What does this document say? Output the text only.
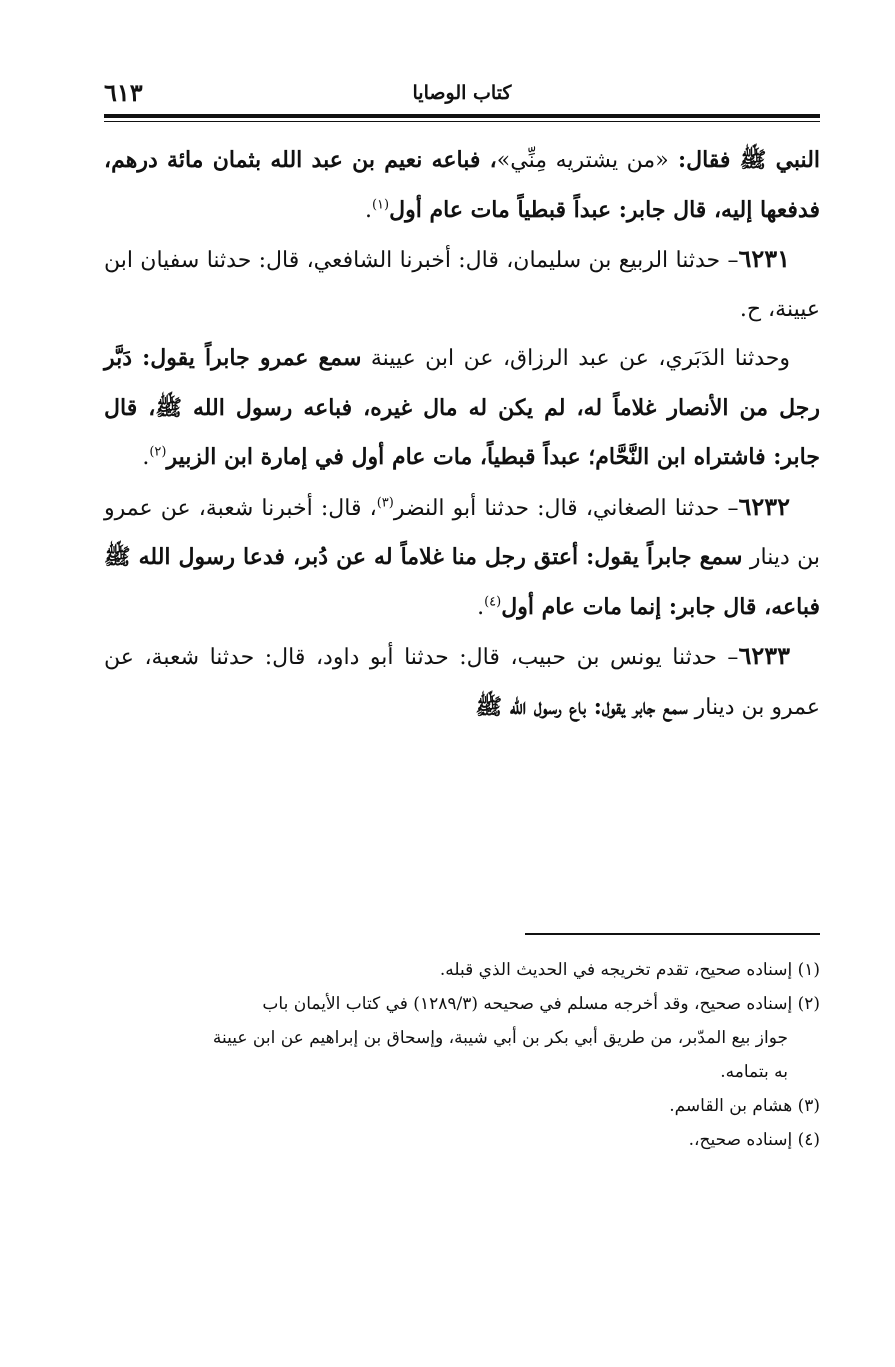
كتاب الوصايا
٦١٣

النبي ﷺ فقال: «من يشتريه مِنِّي»، فباعه نعيم بن عبد الله بثمان مائة درهم، فدفعها إليه، قال جابر: عبداً قبطياً مات عام أول$^{(١)}$.

٦٢٣١– حدثنا الربيع بن سليمان، قال: أخبرنا الشافعي، قال: حدثنا سفيان ابن عيينة، ح.

وحدثنا الدَبَري، عن عبد الرزاق، عن ابن عيينة سمع عمرو جابراً يقول: دَبَّر رجل من الأنصار غلاماً له، لم يكن له مال غيره، فباعه رسول الله ﷺ، قال جابر: فاشتراه ابن النَّحَّام؛ عبداً قبطياً، مات عام أول في إمارة ابن الزبير$^{(٢)}$.

٦٢٣٢– حدثنا الصغاني، قال: حدثنا أبو النضر$^{(٣)}$، قال: أخبرنا شعبة، عن عمرو بن دينار سمع جابراً يقول: أعتق رجل منا غلاماً له عن دُبر، فدعا رسول الله ﷺ فباعه، قال جابر: إنما مات عام أول$^{(٤)}$.

٦٢٣٣– حدثنا يونس بن حبيب، قال: حدثنا أبو داود، قال: حدثنا شعبة، عن عمرو بن دينار سمع جابر يقول: باع رسول الله ﷺ

(١) إسناده صحيح، تقدم تخريجه في الحديث الذي قبله.

(٢) إسناده صحيح، وقد أخرجه مسلم في صحيحه (١٢٨٩/٣) في كتاب الأيمان باب

جواز بيع المدّبر، من طريق أبي بكر بن أبي شيبة، وإسحاق بن إبراهيم عن ابن عيينة

به بتمامه.

(٣) هشام بن القاسم.

(٤) إسناده صحيح،.
